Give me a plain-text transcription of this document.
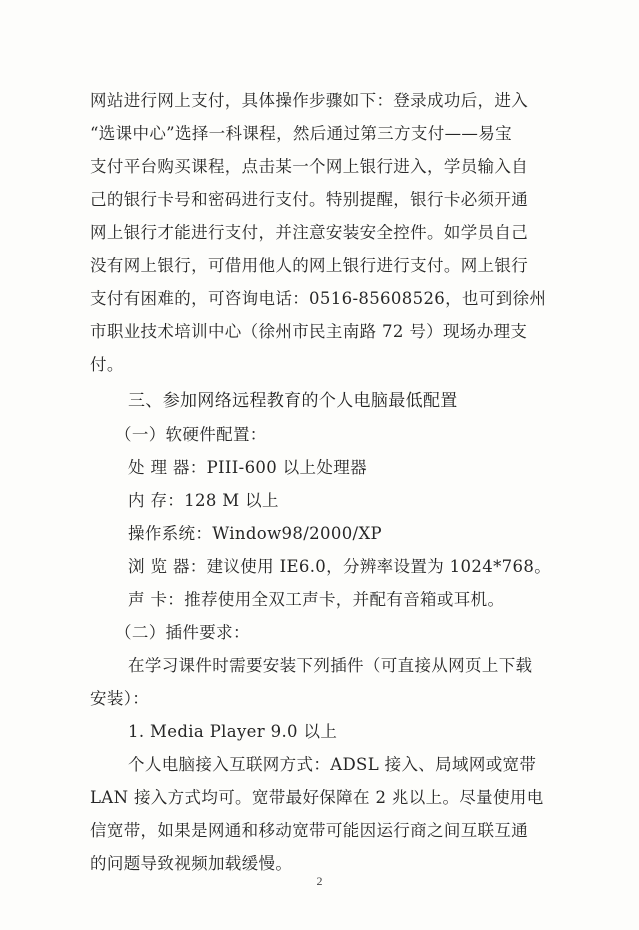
网站进行网上支付，具体操作步骤如下：登录成功后，进入
“选课中心”选择一科课程，然后通过第三方支付——易宝
支付平台购买课程，点击某一个网上银行进入，学员输入自
己的银行卡号和密码进行支付。特别提醒，银行卡必须开通
网上银行才能进行支付，并注意安装安全控件。如学员自己
没有网上银行，可借用他人的网上银行进行支付。网上银行
支付有困难的，可咨询电话：0516-85608526，也可到徐州
市职业技术培训中心（徐州市民主南路 72 号）现场办理支
付。
三、参加网络远程教育的个人电脑最低配置
（一）软硬件配置：
处 理 器：PIII-600 以上处理器
内 存：128 M 以上
操作系统：Window98/2000/XP
浏 览 器：建议使用 IE6.0，分辨率设置为 1024*768。
声 卡：推荐使用全双工声卡，并配有音箱或耳机。
（二）插件要求：
在学习课件时需要安装下列插件（可直接从网页上下载
安装）：
1. Media Player 9.0 以上
个人电脑接入互联网方式：ADSL 接入、局域网或宽带
LAN 接入方式均可。宽带最好保障在 2 兆以上。尽量使用电
信宽带，如果是网通和移动宽带可能因运行商之间互联互通
的问题导致视频加载缓慢。
2
